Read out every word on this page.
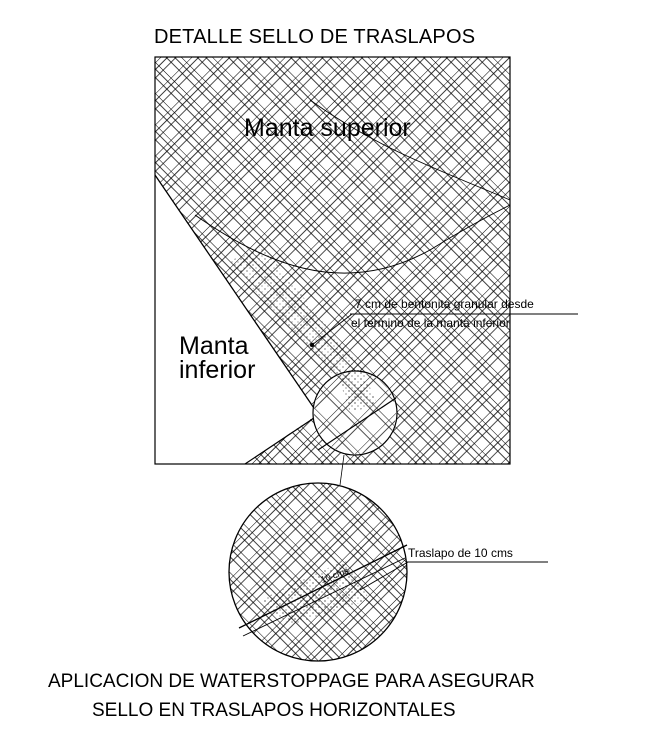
10 cms
DETALLE SELLO DE TRASLAPOS
Manta superior
Manta
inferior
7 cm de bentonita granular desde
el termino de la manta inferior
Traslapo de 10 cms
APLICACION DE WATERSTOPPAGE PARA ASEGURAR
SELLO EN TRASLAPOS HORIZONTALES
